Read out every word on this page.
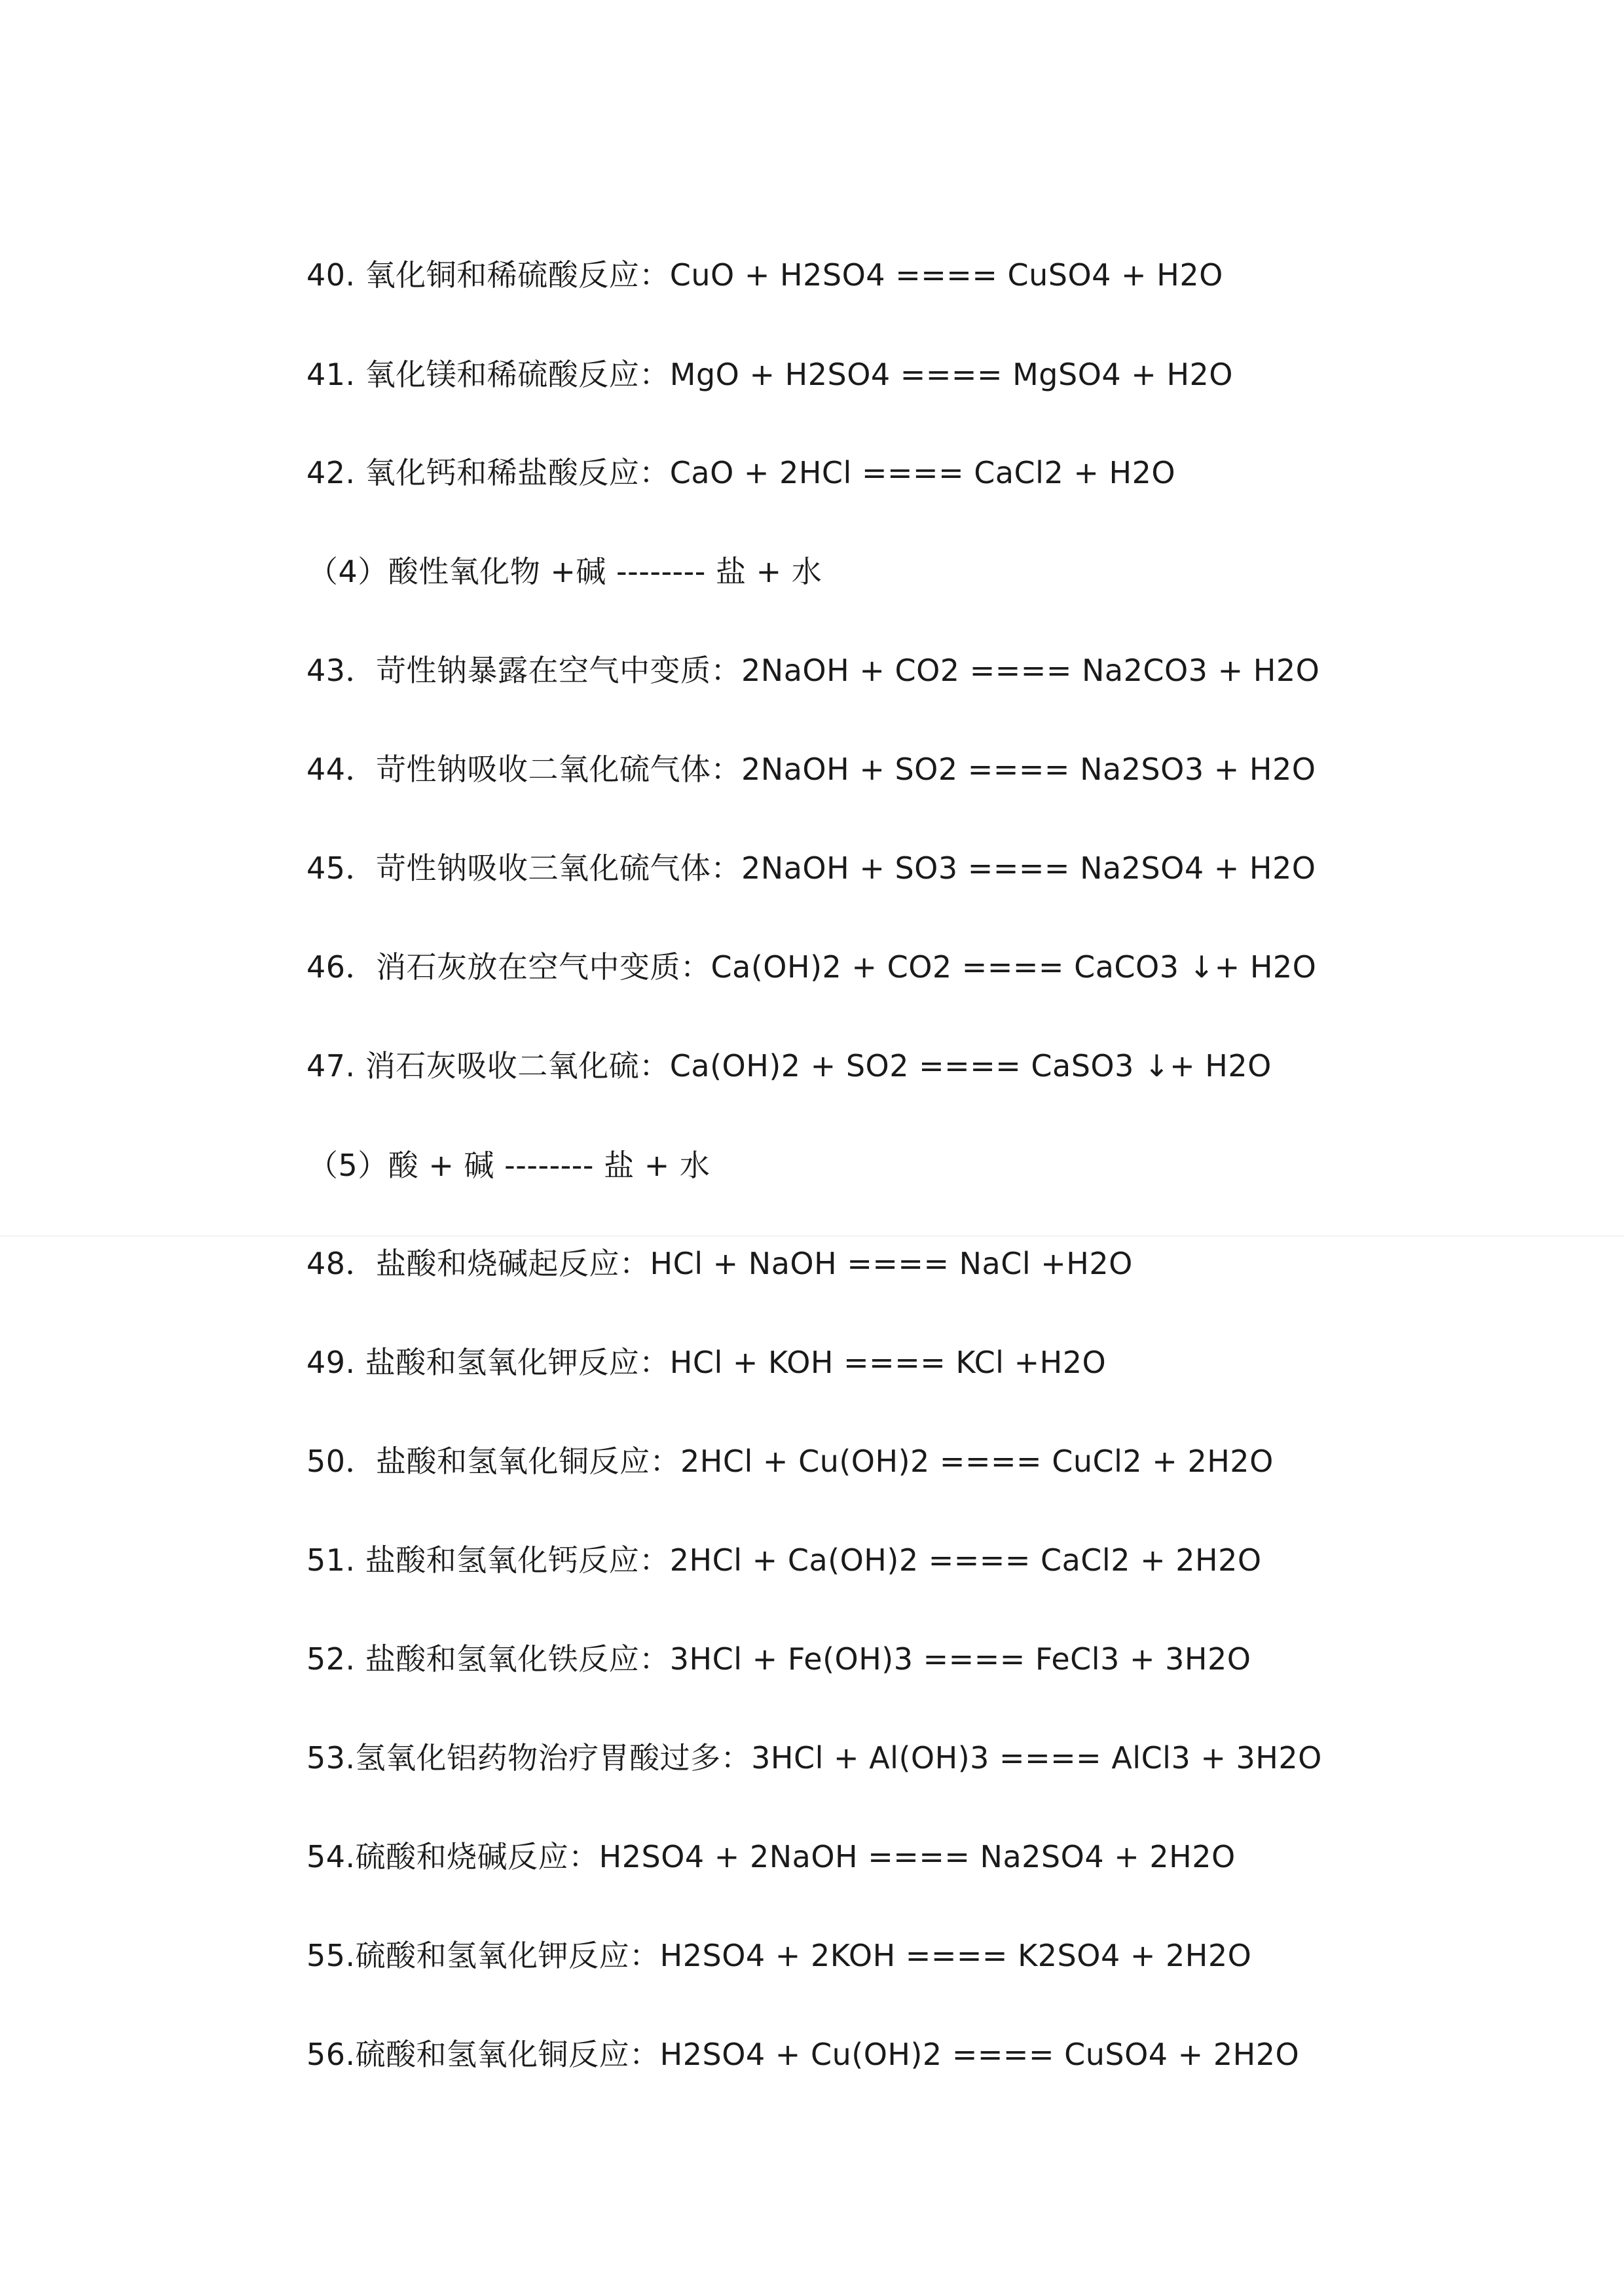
40. 氧化铜和稀硫酸反应：CuO + H2SO4 ==== CuSO4 + H2O
41. 氧化镁和稀硫酸反应：MgO + H2SO4 ==== MgSO4 + H2O
42. 氧化钙和稀盐酸反应：CaO + 2HCl ==== CaCl2 + H2O
（4）酸性氧化物 +碱 -------- 盐 + 水
43．苛性钠暴露在空气中变质：2NaOH + CO2 ==== Na2CO3 + H2O
44．苛性钠吸收二氧化硫气体：2NaOH + SO2 ==== Na2SO3 + H2O
45．苛性钠吸收三氧化硫气体：2NaOH + SO3 ==== Na2SO4 + H2O
46．消石灰放在空气中变质：Ca(OH)2 + CO2 ==== CaCO3 ↓+ H2O
47. 消石灰吸收二氧化硫：Ca(OH)2 + SO2 ==== CaSO3 ↓+ H2O
（5）酸 + 碱 -------- 盐 + 水
48．盐酸和烧碱起反应：HCl + NaOH ==== NaCl +H2O
49. 盐酸和氢氧化钾反应：HCl + KOH ==== KCl +H2O
50．盐酸和氢氧化铜反应：2HCl + Cu(OH)2 ==== CuCl2 + 2H2O
51. 盐酸和氢氧化钙反应：2HCl + Ca(OH)2 ==== CaCl2 + 2H2O
52. 盐酸和氢氧化铁反应：3HCl + Fe(OH)3 ==== FeCl3 + 3H2O
53.氢氧化铝药物治疗胃酸过多：3HCl + Al(OH)3 ==== AlCl3 + 3H2O
54.硫酸和烧碱反应：H2SO4 + 2NaOH ==== Na2SO4 + 2H2O
55.硫酸和氢氧化钾反应：H2SO4 + 2KOH ==== K2SO4 + 2H2O
56.硫酸和氢氧化铜反应：H2SO4 + Cu(OH)2 ==== CuSO4 + 2H2O
